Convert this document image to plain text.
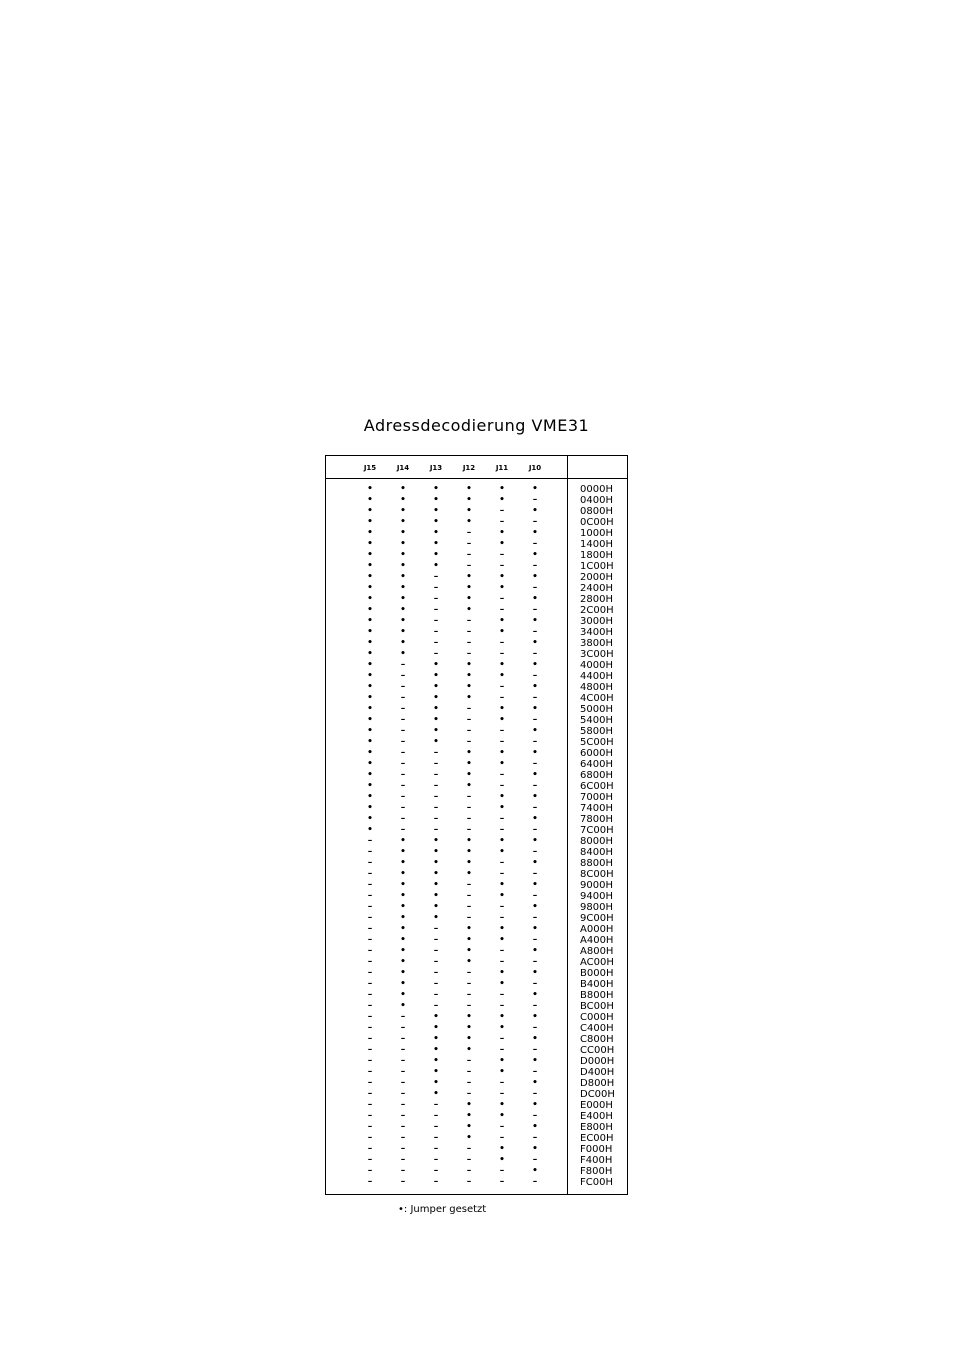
Adressdecodierung VME31
J15	J14	J13	J12	J11	J10
•	•	•	•	•	•	0000H
•	•	•	•	•	–	0400H
•	•	•	•	–	•	0800H
•	•	•	•	–	–	0C00H
•	•	•	–	•	•	1000H
•	•	•	–	•	–	1400H
•	•	•	–	–	•	1800H
•	•	•	–	–	–	1C00H
•	•	–	•	•	•	2000H
•	•	–	•	•	–	2400H
•	•	–	•	–	•	2800H
•	•	–	•	–	–	2C00H
•	•	–	–	•	•	3000H
•	•	–	–	•	–	3400H
•	•	–	–	–	•	3800H
•	•	–	–	–	–	3C00H
•	–	•	•	•	•	4000H
•	–	•	•	•	–	4400H
•	–	•	•	–	•	4800H
•	–	•	•	–	–	4C00H
•	–	•	–	•	•	5000H
•	–	•	–	•	–	5400H
•	–	•	–	–	•	5800H
•	–	•	–	–	–	5C00H
•	–	–	•	•	•	6000H
•	–	–	•	•	–	6400H
•	–	–	•	–	•	6800H
•	–	–	•	–	–	6C00H
•	–	–	–	•	•	7000H
•	–	–	–	•	–	7400H
•	–	–	–	–	•	7800H
•	–	–	–	–	–	7C00H
–	•	•	•	•	•	8000H
–	•	•	•	•	–	8400H
–	•	•	•	–	•	8800H
–	•	•	•	–	–	8C00H
–	•	•	–	•	•	9000H
–	•	•	–	•	–	9400H
–	•	•	–	–	•	9800H
–	•	•	–	–	–	9C00H
–	•	–	•	•	•	A000H
–	•	–	•	•	–	A400H
–	•	–	•	–	•	A800H
–	•	–	•	–	–	AC00H
–	•	–	–	•	•	B000H
–	•	–	–	•	–	B400H
–	•	–	–	–	•	B800H
–	•	–	–	–	–	BC00H
–	–	•	•	•	•	C000H
–	–	•	•	•	–	C400H
–	–	•	•	–	•	C800H
–	–	•	•	–	–	CC00H
–	–	•	–	•	•	D000H
–	–	•	–	•	–	D400H
–	–	•	–	–	•	D800H
–	–	•	–	–	–	DC00H
–	–	–	•	•	•	E000H
–	–	–	•	•	–	E400H
–	–	–	•	–	•	E800H
–	–	–	•	–	–	EC00H
–	–	–	–	•	•	F000H
–	–	–	–	•	–	F400H
–	–	–	–	–	•	F800H
–	–	–	–	–	–	FC00H
•: Jumper gesetzt
